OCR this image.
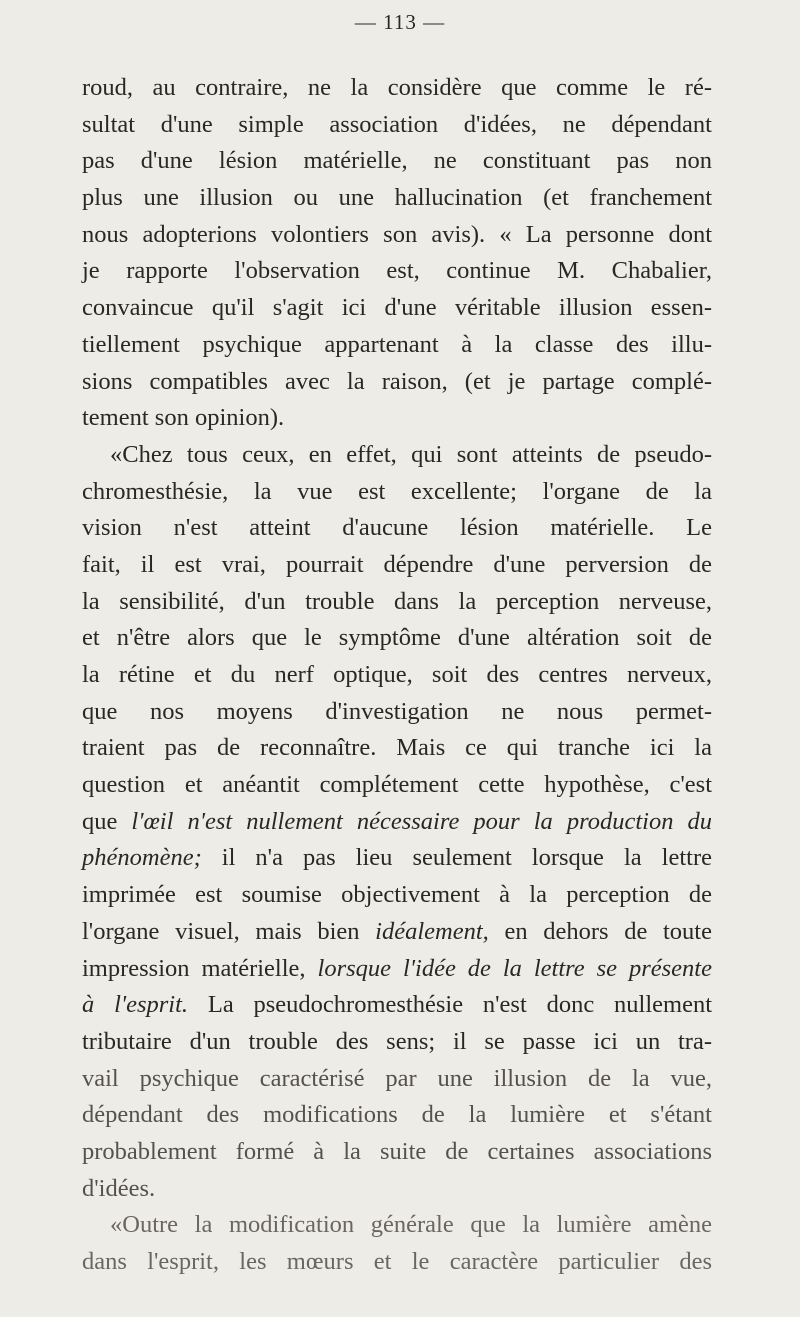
— 113 —
roud, au contraire, ne la considère que comme le ré-
sultat d'une simple association d'idées, ne dépendant
pas d'une lésion matérielle, ne constituant pas non
plus une illusion ou une hallucination (et franchement
nous adopterions volontiers son avis). « La personne dont
je rapporte l'observation est, continue M. Chabalier,
convaincue qu'il s'agit ici d'une véritable illusion essen-
tiellement psychique appartenant à la classe des illu-
sions compatibles avec la raison, (et je partage complé-
tement son opinion).
«Chez tous ceux, en effet, qui sont atteints de pseudo-
chromesthésie, la vue est excellente; l'organe de la
vision n'est atteint d'aucune lésion matérielle. Le
fait, il est vrai, pourrait dépendre d'une perversion de
la sensibilité, d'un trouble dans la perception nerveuse,
et n'être alors que le symptôme d'une altération soit de
la rétine et du nerf optique, soit des centres nerveux,
que nos moyens d'investigation ne nous permet-
traient pas de reconnaître. Mais ce qui tranche ici la
question et anéantit complétement cette hypothèse, c'est
que l'œil n'est nullement nécessaire pour la production du
phénomène; il n'a pas lieu seulement lorsque la lettre
imprimée est soumise objectivement à la perception de
l'organe visuel, mais bien idéalement, en dehors de toute
impression matérielle, lorsque l'idée de la lettre se présente
à l'esprit. La pseudochromesthésie n'est donc nullement
tributaire d'un trouble des sens; il se passe ici un tra-
vail psychique caractérisé par une illusion de la vue,
dépendant des modifications de la lumière et s'étant
probablement formé à la suite de certaines associations
d'idées.
«Outre la modification générale que la lumière amène
dans l'esprit, les mœurs et le caractère particulier des
